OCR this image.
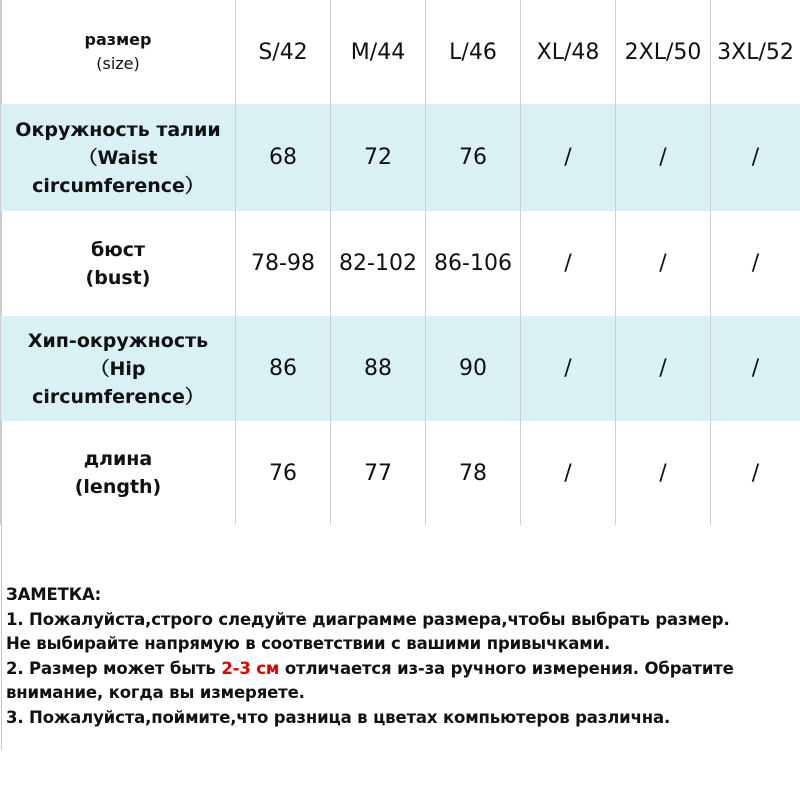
размер
(size)	S/42	M/44	L/46	XL/48	2XL/50	3XL/52

Окружность талии
（Waist
circumference）	68	72	76	/	/	/

бюст
(bust)	78-98	82-102	86-106	/	/	/

Хип-окружность
（Hip
circumference）	86	88	90	/	/	/

длина
(length)	76	77	78	/	/	/
ЗАМЕТКА:
1. Пожалуйста,строго следуйте диаграмме размера,чтобы выбрать размер.
Не выбирайте напрямую в соответствии с вашими привычками.
2. Размер может быть 2-3 см отличается из-за ручного измерения. Обратите
внимание, когда вы измеряете.
3. Пожалуйста,поймите,что разница в цветах компьютеров различна.
